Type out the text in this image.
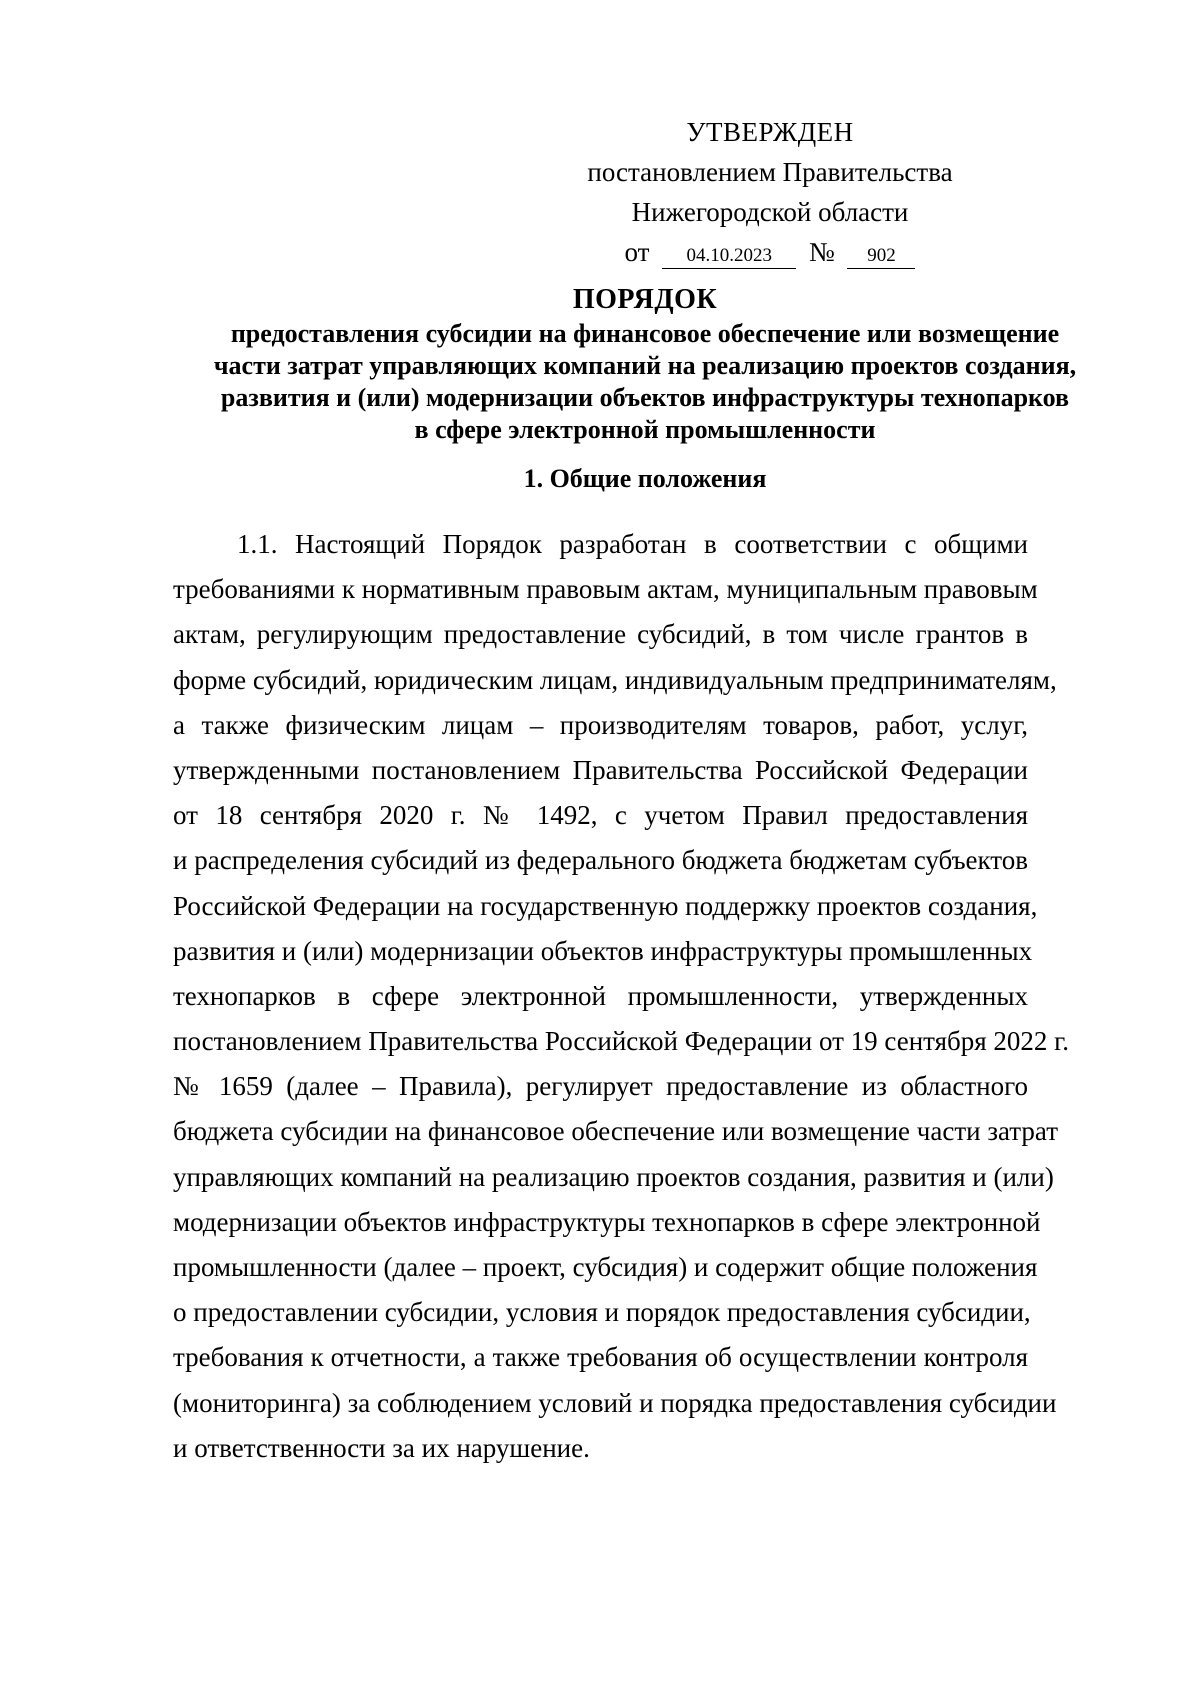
УТВЕРЖДЕН
постановлением Правительства
Нижегородской области
от 04.10.2023 № 902
ПОРЯДОК
предоставления субсидии на финансовое обеспечение или возмещение
части затрат управляющих компаний на реализацию проектов создания,
развития и (или) модернизации объектов инфраструктуры технопарков
в сфере электронной промышленности
1. Общие положения
1.1. Настоящий Порядок разработан в соответствии с общими
требованиями к нормативным правовым актам, муниципальным правовым
актам, регулирующим предоставление субсидий, в том числе грантов в
форме субсидий, юридическим лицам, индивидуальным предпринимателям,
а также физическим лицам – производителям товаров, работ, услуг,
утвержденными постановлением Правительства Российской Федерации
от 18 сентября 2020 г. № 1492, с учетом Правил предоставления
и распределения субсидий из федерального бюджета бюджетам субъектов
Российской Федерации на государственную поддержку проектов создания,
развития и (или) модернизации объектов инфраструктуры промышленных
технопарков в сфере электронной промышленности, утвержденных
постановлением Правительства Российской Федерации от 19 сентября 2022 г.
№ 1659 (далее – Правила), регулирует предоставление из областного
бюджета субсидии на финансовое обеспечение или возмещение части затрат
управляющих компаний на реализацию проектов создания, развития и (или)
модернизации объектов инфраструктуры технопарков в сфере электронной
промышленности (далее – проект, субсидия) и содержит общие положения
о предоставлении субсидии, условия и порядок предоставления субсидии,
требования к отчетности, а также требования об осуществлении контроля
(мониторинга) за соблюдением условий и порядка предоставления субсидии
и ответственности за их нарушение.
